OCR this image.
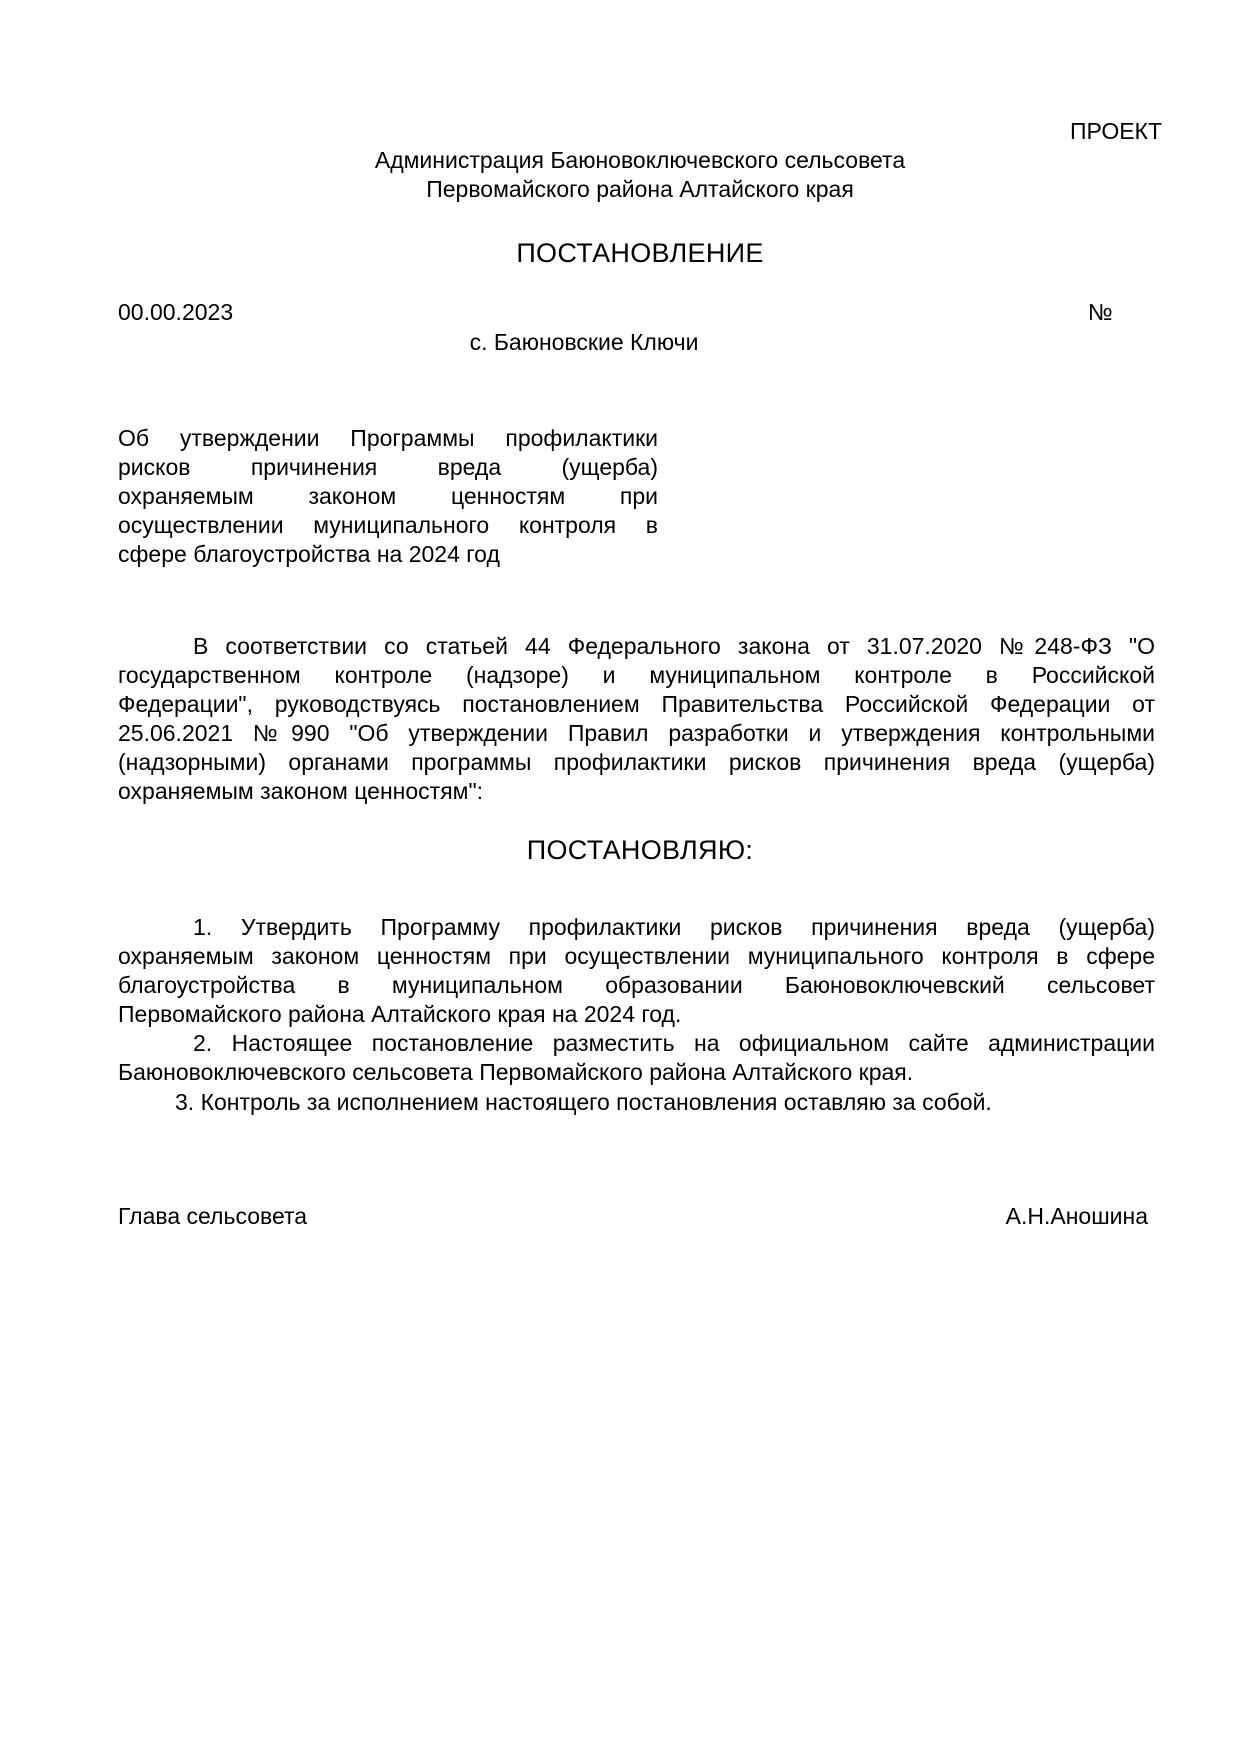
ПРОЕКТ
Администрация Баюновоключевского сельсовета
Первомайского района Алтайского края
ПОСТАНОВЛЕНИЕ
00.00.2023	№
с. Баюновские Ключи
Об утверждении Программы профилактики
рисков причинения вреда (ущерба)
охраняемым законом ценностям при
осуществлении муниципального контроля в
сфере благоустройства на 2024 год
В соответствии со статьей 44 Федерального закона от 31.07.2020 №248-ФЗ "О
государственном контроле (надзоре) и муниципальном контроле в Российской
Федерации", руководствуясь постановлением Правительства Российской Федерации от
25.06.2021 №990 "Об утверждении Правил разработки и утверждения контрольными
(надзорными) органами программы профилактики рисков причинения вреда (ущерба)
охраняемым законом ценностям":
ПОСТАНОВЛЯЮ:
1. Утвердить Программу профилактики рисков причинения вреда (ущерба)
охраняемым законом ценностям при осуществлении муниципального контроля в сфере
благоустройства в муниципальном образовании Баюновоключевский сельсовет
Первомайского района Алтайского края на 2024 год.
2. Настоящее постановление разместить на официальном сайте администрации
Баюновоключевского сельсовета Первомайского района Алтайского края.
3. Контроль за исполнением настоящего постановления оставляю за собой.
Глава сельсовета	А.Н.Аношина
